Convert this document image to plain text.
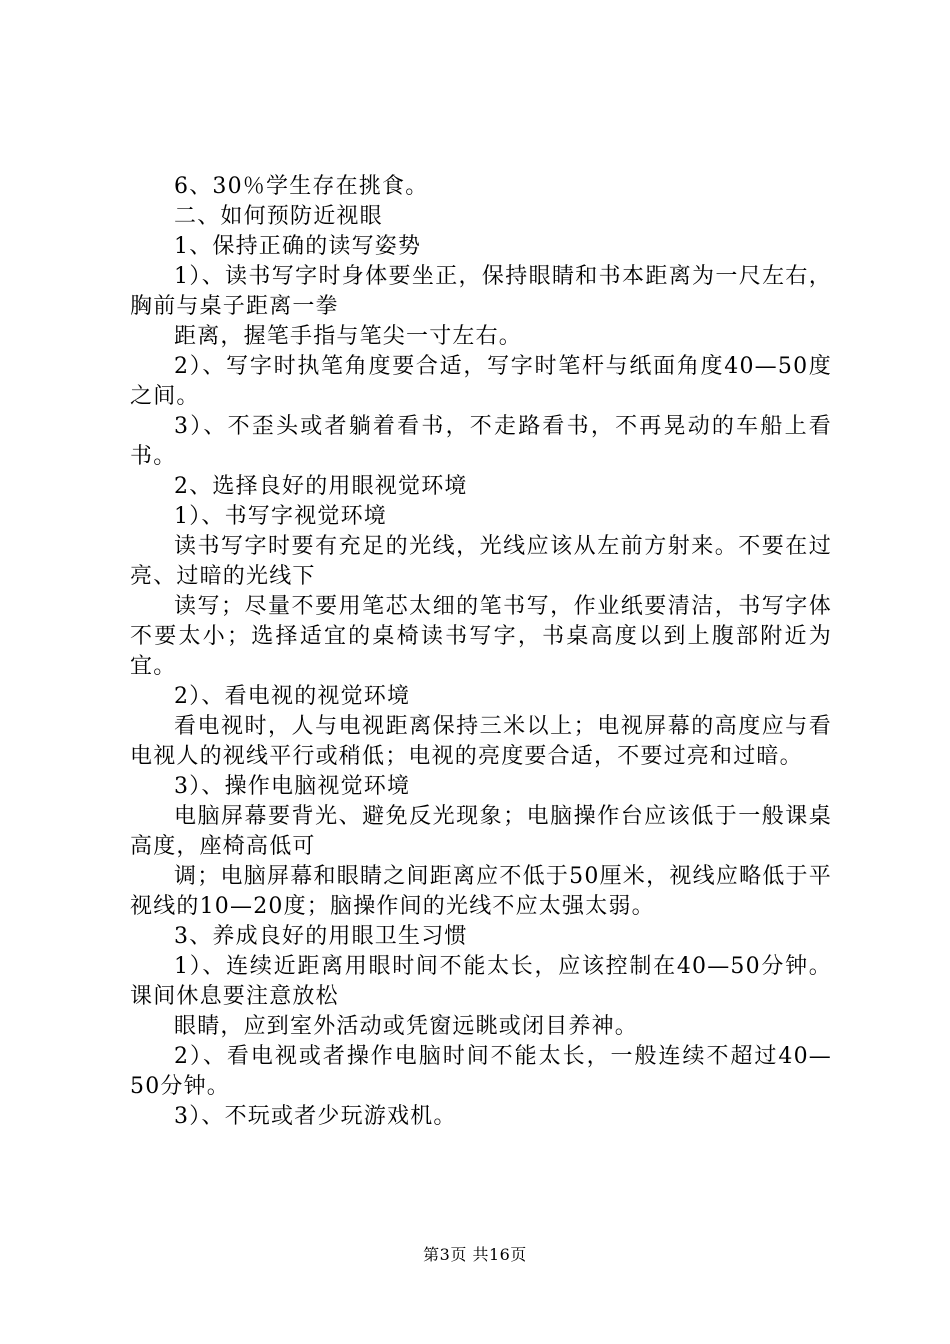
6、30％学生存在挑食。

二、如何预防近视眼

1、保持正确的读写姿势

1）、读书写字时身体要坐正，保持眼睛和书本距离为一尺左右，胸前与桌子距离一拳

距离，握笔手指与笔尖一寸左右。

2）、写字时执笔角度要合适，写字时笔杆与纸面角度40—50度之间。

3）、不歪头或者躺着看书，不走路看书，不再晃动的车船上看书。

2、选择良好的用眼视觉环境

1）、书写字视觉环境

读书写字时要有充足的光线，光线应该从左前方射来。不要在过亮、过暗的光线下

读写；尽量不要用笔芯太细的笔书写，作业纸要清洁，书写字体不要太小；选择适宜的桌椅读书写字，书桌高度以到上腹部附近为宜。

2）、看电视的视觉环境

看电视时，人与电视距离保持三米以上；电视屏幕的高度应与看电视人的视线平行或稍低；电视的亮度要合适，不要过亮和过暗。

3）、操作电脑视觉环境

电脑屏幕要背光、避免反光现象；电脑操作台应该低于一般课桌高度，座椅高低可

调；电脑屏幕和眼睛之间距离应不低于50厘米，视线应略低于平视线的10—20度；脑操作间的光线不应太强太弱。

3、养成良好的用眼卫生习惯

1）、连续近距离用眼时间不能太长，应该控制在40—50分钟。课间休息要注意放松

眼睛，应到室外活动或凭窗远眺或闭目养神。

2）、看电视或者操作电脑时间不能太长，一般连续不超过40—50分钟。

3）、不玩或者少玩游戏机。

第3页 共16页
